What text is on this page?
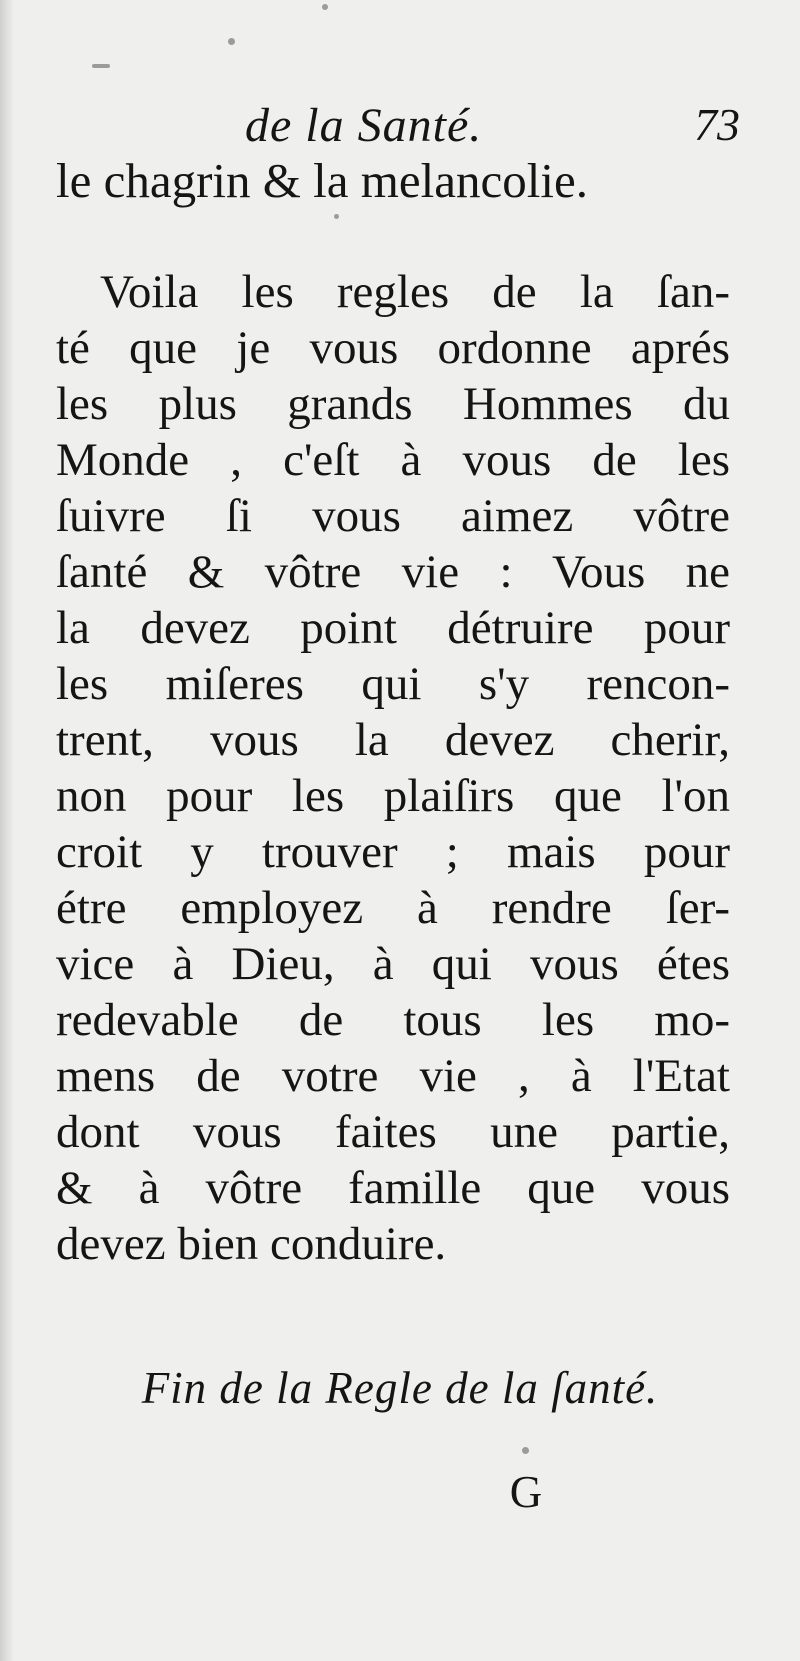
de la Santé.	73

le chagrin & la melancolie.

Voila les regles de la ſan-
té que je vous ordonne aprés
les plus grands Hommes du
Monde , c'eſt à vous de les
ſuivre ſi vous aimez vôtre
ſanté & vôtre vie : Vous ne
la devez point détruire pour
les miſeres qui s'y rencon-
trent, vous la devez cherir,
non pour les plaiſirs que l'on
croit y trouver ; mais pour
étre employez à rendre ſer-
vice à Dieu, à qui vous étes
redevable de tous les mo-
mens de votre vie , à l'Etat
dont vous faites une partie,
& à vôtre famille que vous
devez bien conduire.

Fin de la Regle de la ſanté.
G
